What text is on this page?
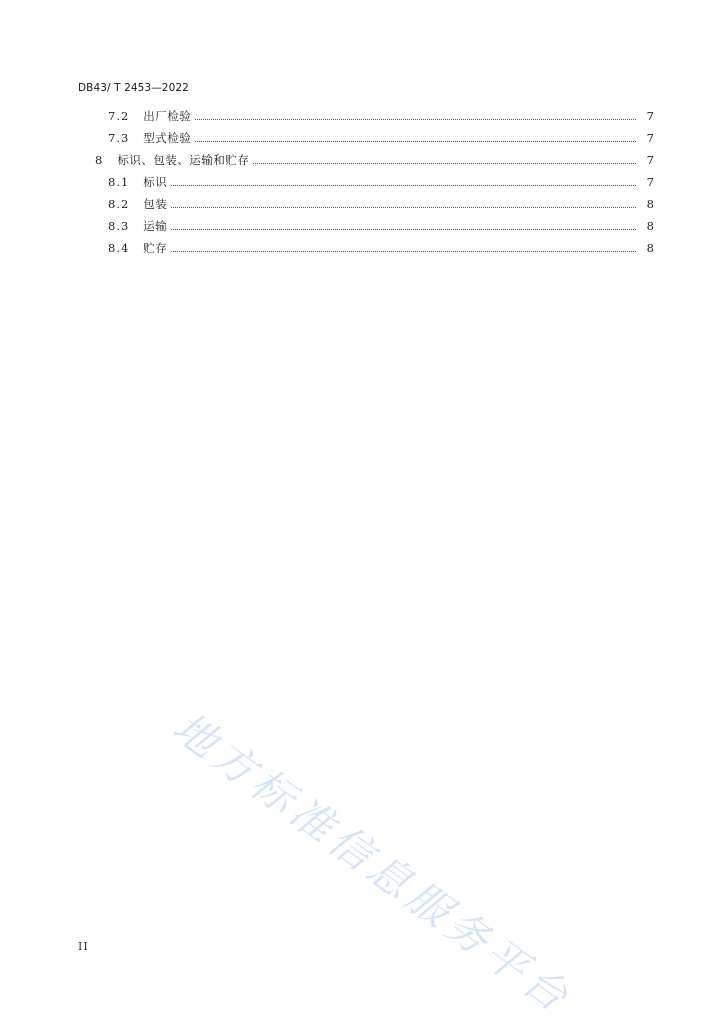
DB43/ T 2453—2022
7.2 出厂检验	7
7.3 型式检验	7
8 标识、包装、运输和贮存	7
8.1 标识	7
8.2 包装	8
8.3 运输	8
8.4 贮存	8
地方标准信息服务平台
II
